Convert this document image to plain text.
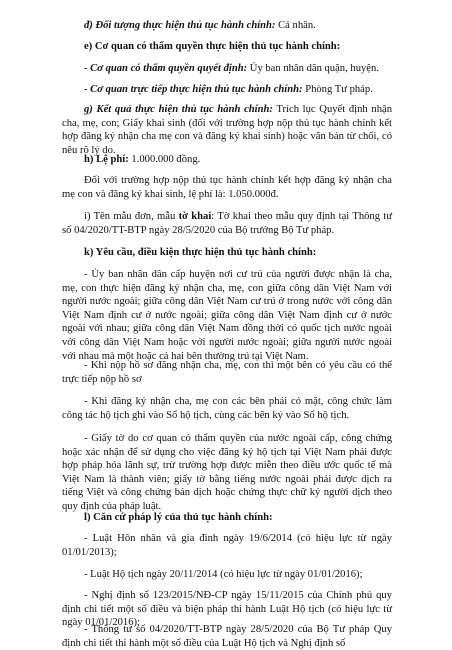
đ) Đối tượng thực hiện thủ tục hành chính: Cá nhân.

e) Cơ quan có thẩm quyền thực hiện thủ tục hành chính:

- Cơ quan có thẩm quyền quyết định: Ủy ban nhân dân quận, huyện.

- Cơ quan trực tiếp thực hiện thủ tục hành chính: Phòng Tư pháp.

g) Kết quả thực hiện thủ tục hành chính: Trích lục Quyết định nhận cha, mẹ, con; Giấy khai sinh (đối với trường hợp nộp thủ tục hành chính kết hợp đăng ký nhận cha mẹ con và đăng ký khai sinh) hoặc văn bản từ chối, có nêu rõ lý do.

h) Lệ phí: 1.000.000 đồng.

Đối với trường hợp nộp thủ tục hành chính kết hợp đăng ký nhận cha mẹ con và đăng ký khai sinh, lệ phí là: 1.050.000đ.

i) Tên mẫu đơn, mẫu tờ khai: Tờ khai theo mẫu quy định tại Thông tư số 04/2020/TT-BTP ngày 28/5/2020 của Bộ trưởng Bộ Tư pháp.

k) Yêu cầu, điều kiện thực hiện thủ tục hành chính:

- Ủy ban nhân dân cấp huyện nơi cư trú của người được nhận là cha, mẹ, con thực hiện đăng ký nhận cha, mẹ, con giữa công dân Việt Nam với người nước ngoài; giữa công dân Việt Nam cư trú ở trong nước với công dân Việt Nam định cư ở nước ngoài; giữa công dân Việt Nam định cư ở nước ngoài với nhau; giữa công dân Việt Nam đồng thời có quốc tịch nước ngoài với công dân Việt Nam hoặc với người nước ngoài; giữa người nước ngoài với nhau mà một hoặc cả hai bên thường trú tại Việt Nam.

- Khi nộp hồ sơ đăng nhận cha, mẹ, con thì một bên có yêu cầu có thể trực tiếp nộp hồ sơ

- Khi đăng ký nhận cha, mẹ con các bên phải có mặt, công chức làm công tác hộ tịch ghi vào Sổ hộ tịch, cùng các bên ký vào Sổ hộ tịch.

- Giấy tờ do cơ quan có thẩm quyền của nước ngoài cấp, công chứng hoặc xác nhận để sử dụng cho việc đăng ký hộ tịch tại Việt Nam phải được hợp pháp hóa lãnh sự, trừ trường hợp được miễn theo điều ước quốc tế mà Việt Nam là thành viên; giấy tờ bằng tiếng nước ngoài phải được dịch ra tiếng Việt và công chứng bản dịch hoặc chứng thực chữ ký người dịch theo quy định của pháp luật.

l) Căn cứ pháp lý của thủ tục hành chính:

- Luật Hôn nhân và gia đình ngày 19/6/2014 (có hiệu lực từ ngày 01/01/2013);

- Luật Hộ tịch ngày 20/11/2014 (có hiệu lực từ ngày 01/01/2016);

- Nghị định số 123/2015/NĐ-CP ngày 15/11/2015 của Chính phủ quy định chi tiết một số điều và biện pháp thi hành Luật Hộ tịch (có hiệu lực từ ngày 01/01/2016);

- Thông tư số 04/2020/TT-BTP ngày 28/5/2020 của Bộ Tư pháp Quy định chi tiết thi hành một số điều của Luật Hộ tịch và Nghị định số
